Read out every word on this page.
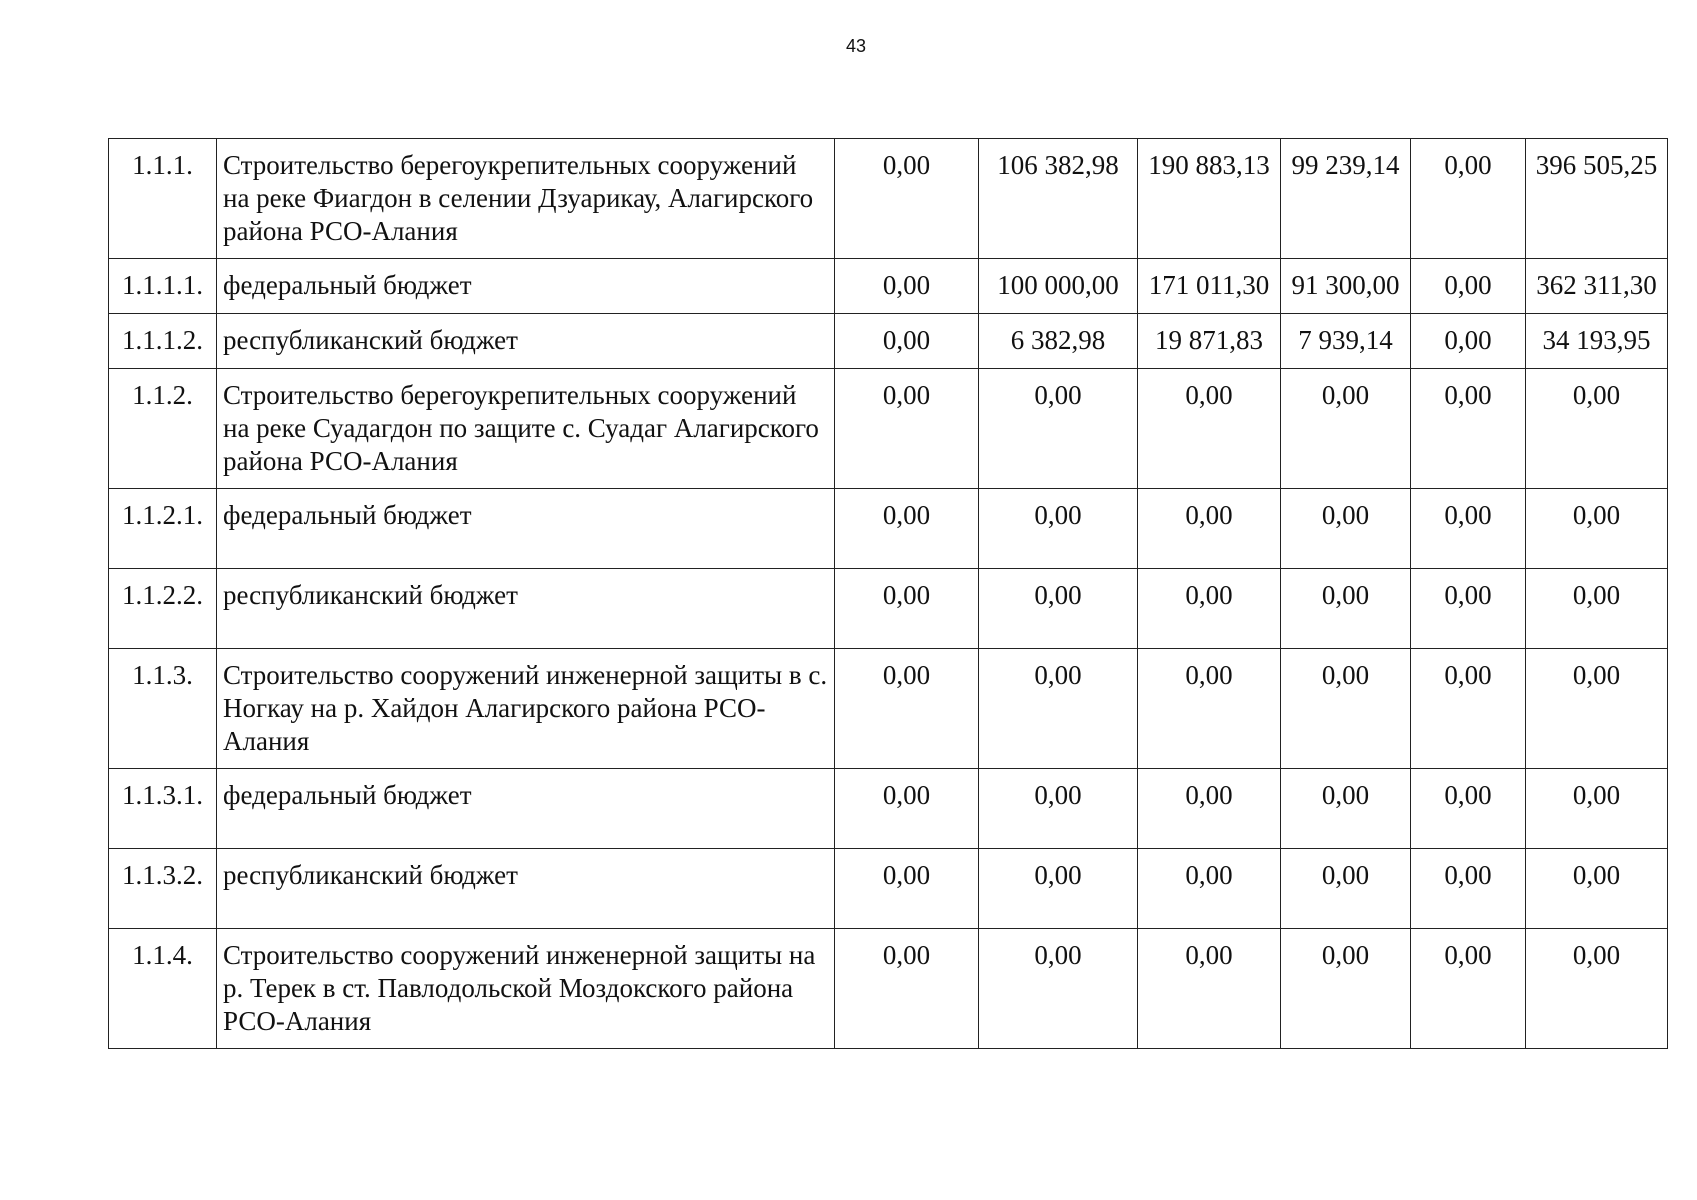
43
1.1.1.	Строительство берегоукрепительных сооружений на реке Фиагдон в селении Дзуарикау, Алагирского района РСО-Алания	0,00	106 382,98	190 883,13	99 239,14	0,00	396 505,25
1.1.1.1.	федеральный бюджет	0,00	100 000,00	171 011,30	91 300,00	0,00	362 311,30
1.1.1.2.	республиканский бюджет	0,00	6 382,98	19 871,83	7 939,14	0,00	34 193,95
1.1.2.	Строительство берегоукрепительных сооружений на реке Суадагдон по защите с. Суадаг Алагирского района РСО-Алания	0,00	0,00	0,00	0,00	0,00	0,00
1.1.2.1.	федеральный бюджет	0,00	0,00	0,00	0,00	0,00	0,00
1.1.2.2.	республиканский бюджет	0,00	0,00	0,00	0,00	0,00	0,00
1.1.3.	Строительство сооружений инженерной защиты в с. Ногкау на р. Хайдон Алагирского района РСО-Алания	0,00	0,00	0,00	0,00	0,00	0,00
1.1.3.1.	федеральный бюджет	0,00	0,00	0,00	0,00	0,00	0,00
1.1.3.2.	республиканский бюджет	0,00	0,00	0,00	0,00	0,00	0,00
1.1.4.	Строительство сооружений инженерной защиты на р. Терек в ст. Павлодольской Моздокского района РСО-Алания	0,00	0,00	0,00	0,00	0,00	0,00
